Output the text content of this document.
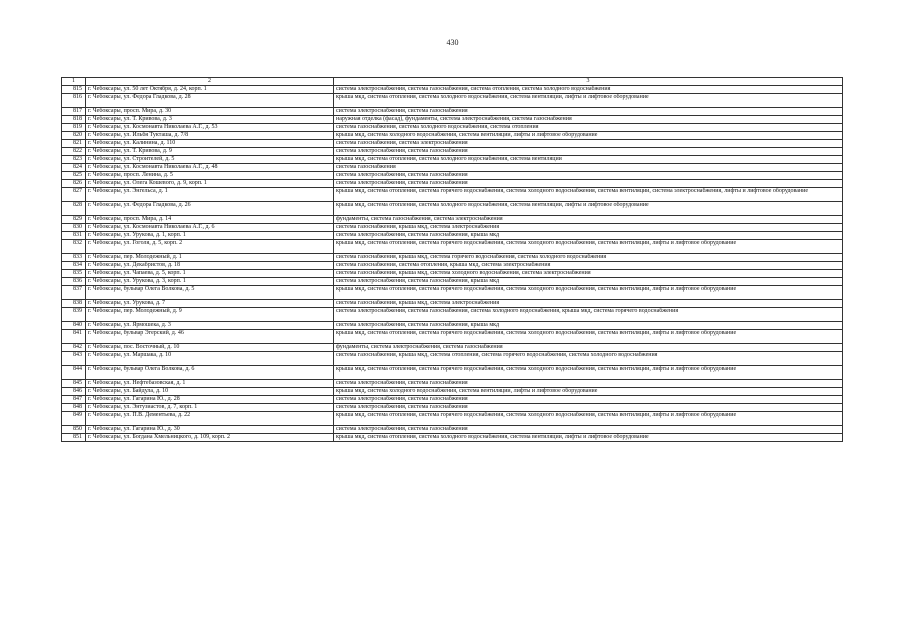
430
1	2	3
815	г. Чебоксары, ул. 50 лет Октября, д. 24, корп. 1	система электроснабжения, система газоснабжения, система отопления, система холодного водоснабжения
816	г. Чебоксары, ул. Федора Гладкова, д. 28	крыша мкд, система отопления, система холодного водоснабжения, система вентиляции, лифты и лифтовое оборудование
817	г. Чебоксары, просп. Мира, д. 30	система электроснабжения, система газоснабжения
818	г. Чебоксары, ул. Т. Кривова, д. 3	наружная отделка (фасад), фундаменты, система электроснабжения, система газоснабжения
819	г. Чебоксары, ул. Космонавта Николаева А.Г., д. 53	система газоснабжения, система холодного водоснабжения, система отопления
820	г. Чебоксары, ул. Ильбя Тукташа, д. 7/8	крыша мкд, система холодного водоснабжения, система вентиляции, лифты и лифтовое оборудование
821	г. Чебоксары, ул. Калинина, д. 110	система газоснабжения, система электроснабжения
822	г. Чебоксары, ул. Т. Кривова, д. 9	система электроснабжения, система газоснабжения
823	г. Чебоксары, ул. Строителей, д. 5	крыша мкд, система отопления, система холодного водоснабжения, система вентиляции
824	г. Чебоксары, ул. Космонавта Николаева А.Г., д. 48	система газоснабжения
825	г. Чебоксары, просп. Ленина, д. 5	система электроснабжения, система газоснабжения
826	г. Чебоксары, ул. Олега Кошевого, д. 9, корп. 1	система электроснабжения, система газоснабжения
827	г. Чебоксары, ул. Энгельса, д. 1	крыша мкд, система отопления, система горячего водоснабжения, система холодного водоснабжения, система вентиляции, система электроснабжения, лифты и лифтовое оборудование
828	г. Чебоксары, ул. Федора Гладкова, д. 26	крыша мкд, система отопления, система холодного водоснабжения, система вентиляции, лифты и лифтовое оборудование
829	г. Чебоксары, просп. Мира, д. 14	фундаменты, система газоснабжения, система электроснабжения
830	г. Чебоксары, ул. Космонавта Николаева А.Г., д. 6	система газоснабжения, крыша мкд, система электроснабжения
831	г. Чебоксары, ул. Урукова, д. 1, корп. 1	система электроснабжения, система газоснабжения, крыша мкд
832	г. Чебоксары, ул. Гоголя, д. 5, корп. 2	крыша мкд, система отопления, система горячего водоснабжения, система холодного водоснабжения, система вентиляции, лифты и лифтовое оборудование
833	г. Чебоксары, пер. Молодежный, д. 1	система газоснабжения, крыша мкд, система горячего водоснабжения, система холодного водоснабжения
834	г. Чебоксары, ул. Декабристов, д. 18	система газоснабжения, система отопления, крыша мкд, система электроснабжения
835	г. Чебоксары, ул. Чапаева, д. 5, корп. 1	система газоснабжения, крыша мкд, система холодного водоснабжения, система электроснабжения
836	г. Чебоксары, ул. Урукова, д. 3, корп. 1	система электроснабжения, система газоснабжения, крыша мкд
837	г. Чебоксары, бульвар Олега Волкова, д. 5	крыша мкд, система отопления, система горячего водоснабжения, система холодного водоснабжения, система вентиляции, лифты и лифтовое оборудование
838	г. Чебоксары, ул. Урукова, д. 7	система газоснабжения, крыша мкд, система электроснабжения
839	г. Чебоксары, пер. Молодежный, д. 9	система электроснабжения, система газоснабжения, система холодного водоснабжения, крыша мкд, система горячего водоснабжения
840	г. Чебоксары, ул. Ярмошека, д. 3	система электроснабжения, система газоснабжения, крыша мкд
841	г. Чебоксары, бульвар Эгерский, д. 46	крыша мкд, система отопления, система горячего водоснабжения, система холодного водоснабжения, система вентиляции, лифты и лифтовое оборудование
842	г. Чебоксары, пос. Восточный, д. 10	фундаменты, система электроснабжения, система газоснабжения
843	г. Чебоксары, ул. Маршака, д. 10	система газоснабжения, крыша мкд, система отопления, система горячего водоснабжения, система холодного водоснабжения
844	г. Чебоксары, бульвар Олега Волкова, д. 6	крыша мкд, система отопления, система горячего водоснабжения, система холодного водоснабжения, система вентиляции, лифты и лифтовое оборудование
845	г. Чебоксары, ул. Нефтебазовская, д. 1	система электроснабжения, система газоснабжения
846	г. Чебоксары, ул. Байдула, д. 10	крыша мкд, система холодного водоснабжения, система вентиляции, лифты и лифтовое оборудование
847	г. Чебоксары, ул. Гагарина Ю., д. 28	система электроснабжения, система газоснабжения
848	г. Чебоксары, ул. Энтузиастов, д. 7, корп. 1	система электроснабжения, система газоснабжения
849	г. Чебоксары, ул. П.В. Дементьева, д. 22	крыша мкд, система отопления, система горячего водоснабжения, система холодного водоснабжения, система вентиляции, лифты и лифтовое оборудование
850	г. Чебоксары, ул. Гагарина Ю., д. 30	система электроснабжения, система газоснабжения
851	г. Чебоксары, ул. Богдана Хмельницкого, д. 109, корп. 2	крыша мкд, система отопления, система холодного водоснабжения, система вентиляции, лифты и лифтовое оборудование
